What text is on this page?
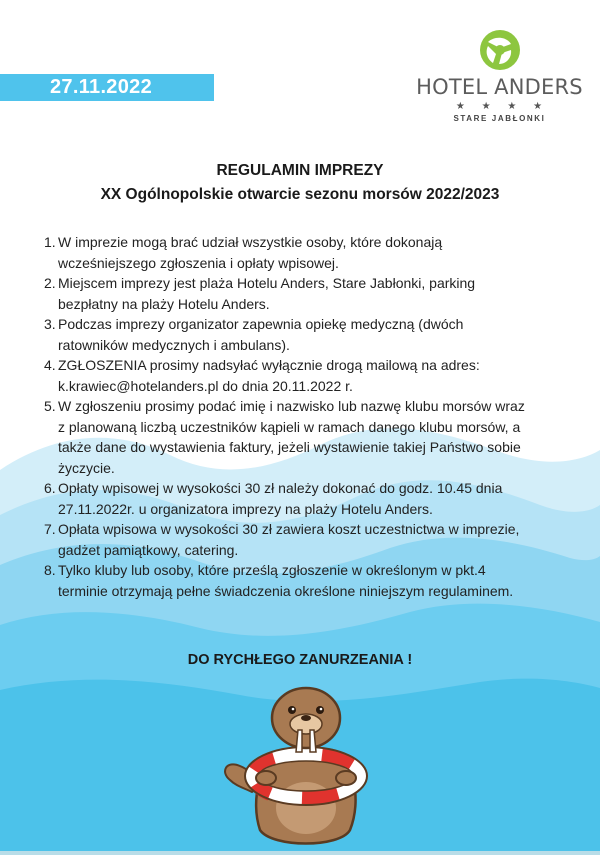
27.11.2022	HOTEL ANDERS
★ ★ ★ ★
STARE JABŁONKI
REGULAMIN IMPREZY
XX Ogólnopolskie otwarcie sezonu morsów 2022/2023
1. W imprezie mogą brać udział wszystkie osoby, które dokonają
wcześniejszego zgłoszenia i opłaty wpisowej.
2. Miejscem imprezy jest plaża Hotelu Anders, Stare Jabłonki, parking
bezpłatny na plaży Hotelu Anders.
3. Podczas imprezy organizator zapewnia opiekę medyczną (dwóch
ratowników medycznych i ambulans).
4. ZGŁOSZENIA prosimy nadsyłać wyłącznie drogą mailową na adres:
k.krawiec@hotelanders.pl do dnia 20.11.2022 r.
5. W zgłoszeniu prosimy podać imię i nazwisko lub nazwę klubu morsów wraz
z planowaną liczbą uczestników kąpieli w ramach danego klubu morsów, a
także dane do wystawienia faktury, jeżeli wystawienie takiej Państwo sobie
życzycie.
6. Opłaty wpisowej w wysokości 30 zł należy dokonać do godz. 10.45 dnia
27.11.2022r. u organizatora imprezy na plaży Hotelu Anders.
7. Opłata wpisowa w wysokości 30 zł zawiera koszt uczestnictwa w imprezie,
gadżet pamiątkowy, catering.
8. Tylko kluby lub osoby, które prześlą zgłoszenie w określonym w pkt.4
terminie otrzymają pełne świadczenia określone niniejszym regulaminem.
DO RYCHŁEGO ZANURZEANIA !
